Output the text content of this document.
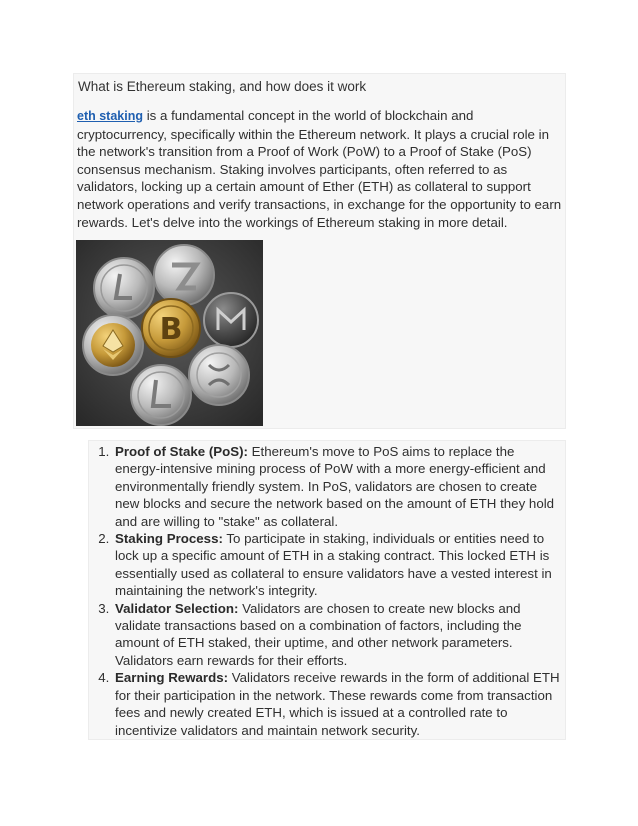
What is Ethereum staking, and how does it work

eth staking is a fundamental concept in the world of blockchain and cryptocurrency, specifically within the Ethereum network. It plays a crucial role in the network's transition from a Proof of Work (PoW) to a Proof of Stake (PoS) consensus mechanism. Staking involves participants, often referred to as validators, locking up a certain amount of Ether (ETH) as collateral to support network operations and verify transactions, in exchange for the opportunity to earn rewards. Let's delve into the workings of Ethereum staking in more detail.

B
1. Proof of Stake (PoS): Ethereum's move to PoS aims to replace the energy-intensive mining process of PoW with a more energy-efficient and environmentally friendly system. In PoS, validators are chosen to create new blocks and secure the network based on the amount of ETH they hold and are willing to "stake" as collateral.
2. Staking Process: To participate in staking, individuals or entities need to lock up a specific amount of ETH in a staking contract. This locked ETH is essentially used as collateral to ensure validators have a vested interest in maintaining the network's integrity.
3. Validator Selection: Validators are chosen to create new blocks and validate transactions based on a combination of factors, including the amount of ETH staked, their uptime, and other network parameters. Validators earn rewards for their efforts.
4. Earning Rewards: Validators receive rewards in the form of additional ETH for their participation in the network. These rewards come from transaction fees and newly created ETH, which is issued at a controlled rate to incentivize validators and maintain network security.
